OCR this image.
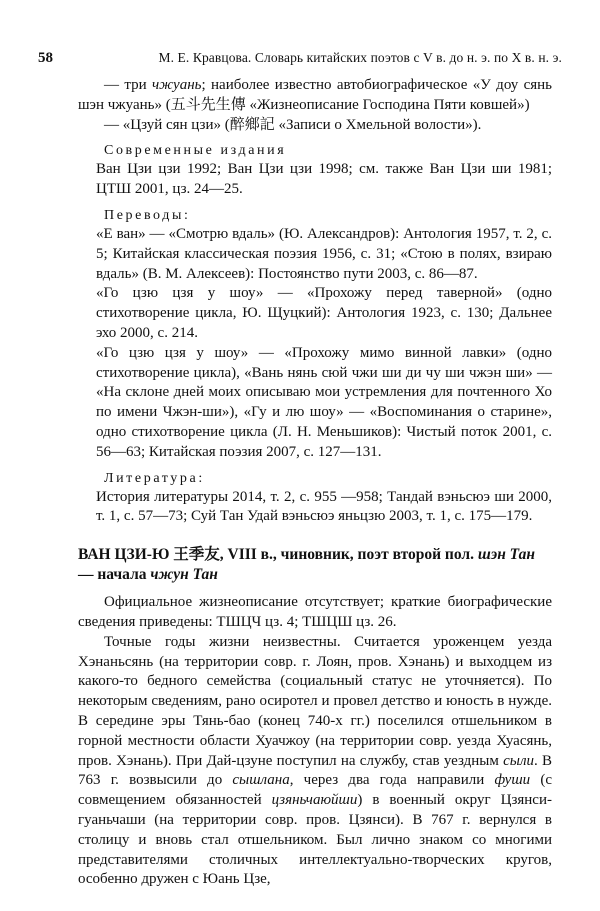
58	М. Е. Кравцова. Словарь китайских поэтов с V в. до н. э. по X в. н. э.

— три чжуань; наиболее известно автобиографическое «У доу сянь шэн чжуань» (五斗先生傳 «Жизнеописание Господина Пяти ковшей»)

— «Цзуй сян цзи» (醉鄉記 «Записи о Хмельной волости»).

Современные издания

Ван Цзи цзи 1992; Ван Цзи цзи 1998; см. также Ван Цзи ши 1981; ЦТШ 2001, цз. 24—25.

Переводы:

«Е ван» — «Смотрю вдаль» (Ю. Александров): Антология 1957, т. 2, с. 5; Китайская классическая поэзия 1956, с. 31; «Стою в полях, взираю вдаль» (В. М. Алексеев): Постоянство пути 2003, с. 86—87.

«Го цзю цзя у шоу» — «Прохожу перед таверной» (одно стихотворение цикла, Ю. Щуцкий): Антология 1923, с. 130; Дальнее эхо 2000, с. 214.

«Го цзю цзя у шоу» — «Прохожу мимо винной лавки» (одно стихотворение цикла), «Вань нянь сюй чжи ши ди чу ши чжэн ши» — «На склоне дней моих описываю мои устремления для почтенного Хо по имени Чжэн-ши»), «Гу и лю шоу» — «Воспоминания о старине», одно стихотворение цикла (Л. Н. Меньшиков): Чистый поток 2001, с. 56—63; Китайская поэзия 2007, с. 127—131.

Литература:

История литературы 2014, т. 2, с. 955 —958; Тандай вэньсюэ ши 2000, т. 1, с. 57—73; Суй Тан Удай вэньсюэ яньцзю 2003, т. 1, с. 175—179.

ВАН ЦЗИ-Ю 王季友, VIII в., чиновник, поэт второй пол. шэн Тан — начала чжун Тан

Официальное жизнеописание отсутствует; краткие биографические сведения приведены: ТШЦЧ цз. 4; ТШЦШ цз. 26.

Точные годы жизни неизвестны. Считается уроженцем уезда Хэнаньсянь (на территории совр. г. Лоян, пров. Хэнань) и выходцем из какого-то бедного семейства (социальный статус не уточняется). По некоторым сведениям, рано осиротел и провел детство и юность в нужде. В середине эры Тянь-бао (конец 740-х гг.) поселился отшельником в горной местности области Хуачжоу (на территории совр. уезда Хуасянь, пров. Хэнань). При Дай-цзуне поступил на службу, став уездным сыли. В 763 г. возвысили до сышлана, через два года направили фуши (с совмещением обязанностей цзяньчаюйши) в военный округ Цзянси-гуаньчаши (на территории совр. пров. Цзянси). В 767 г. вернулся в столицу и вновь стал отшельником. Был лично знаком со многими представителями столичных интеллектуально-творческих кругов, особенно дружен с Юань Цзе,
